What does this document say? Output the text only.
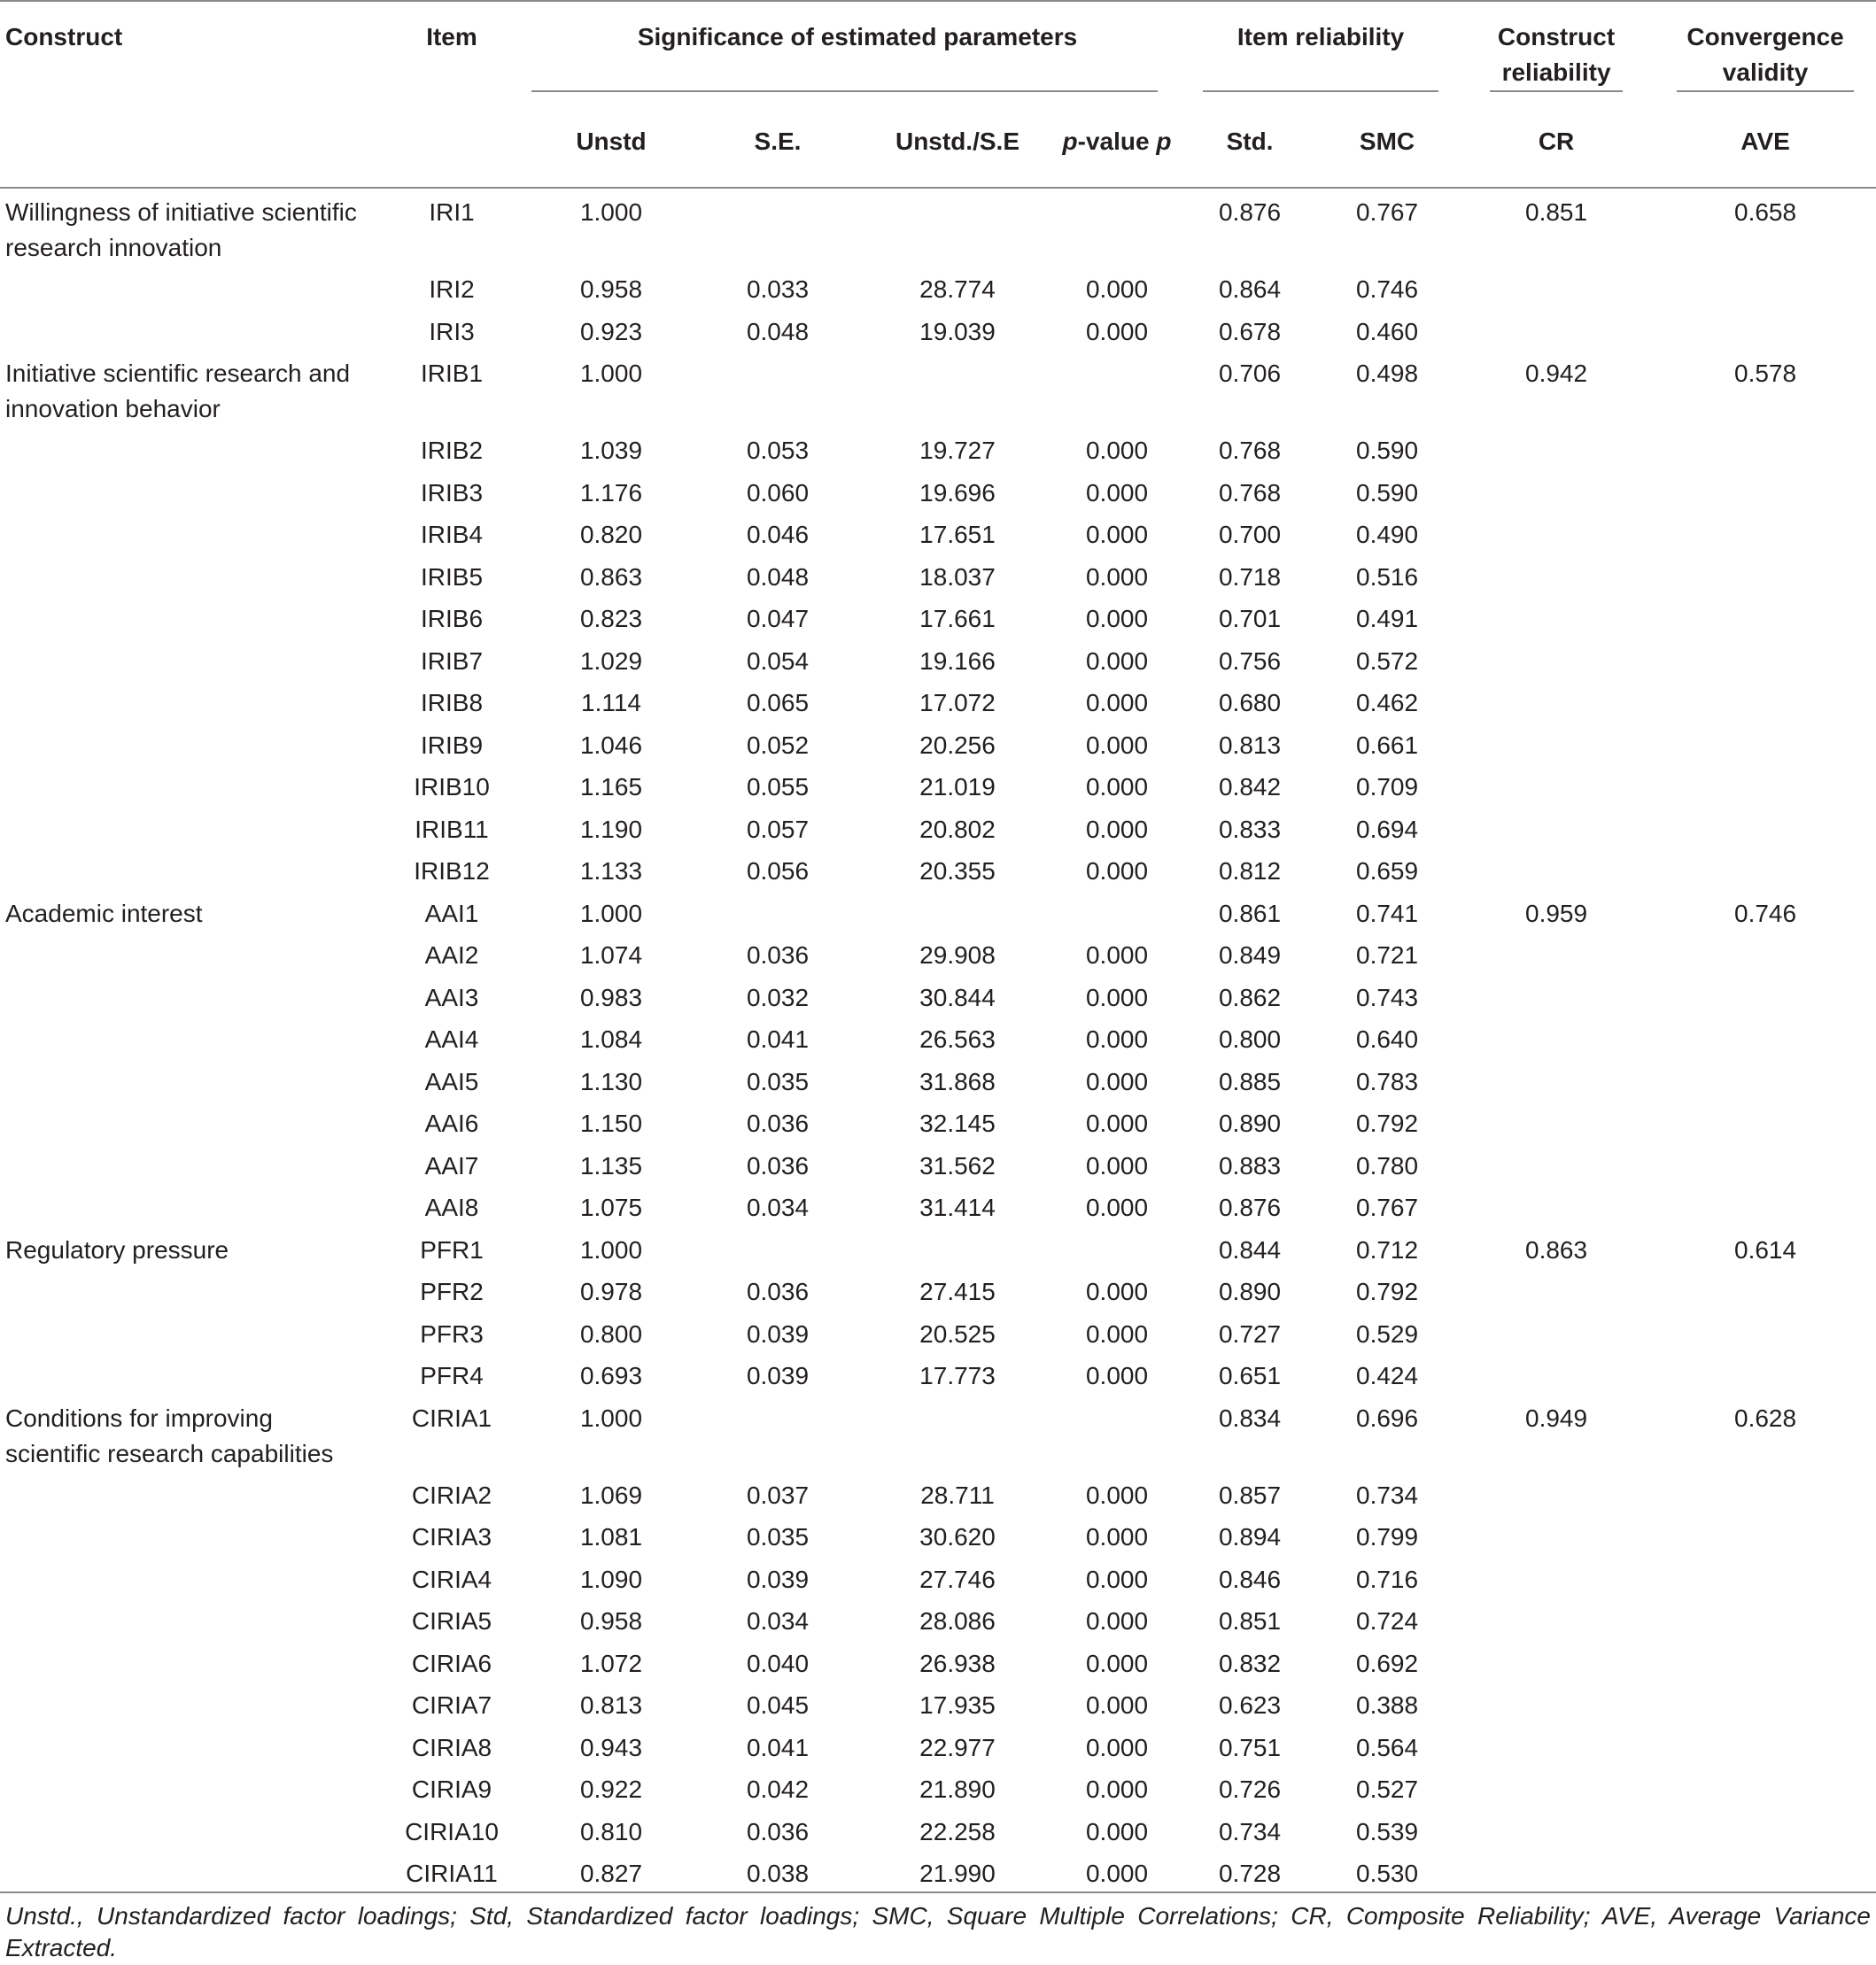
Construct	Item	Significance of estimated parameters				Item reliability		Construct reliability	Convergence validity

		Unstd	S.E.	Unstd./S.E	p-value p	Std.	SMC	CR	AVE
Willingness of initiative scientific research innovation	IRI1	1.000				0.876	0.767	0.851	0.658
	IRI2	0.958	0.033	28.774	0.000	0.864	0.746		
	IRI3	0.923	0.048	19.039	0.000	0.678	0.460		
Initiative scientific research and innovation behavior	IRIB1	1.000				0.706	0.498	0.942	0.578
	IRIB2	1.039	0.053	19.727	0.000	0.768	0.590		
	IRIB3	1.176	0.060	19.696	0.000	0.768	0.590		
	IRIB4	0.820	0.046	17.651	0.000	0.700	0.490		
	IRIB5	0.863	0.048	18.037	0.000	0.718	0.516		
	IRIB6	0.823	0.047	17.661	0.000	0.701	0.491		
	IRIB7	1.029	0.054	19.166	0.000	0.756	0.572		
	IRIB8	1.114	0.065	17.072	0.000	0.680	0.462		
	IRIB9	1.046	0.052	20.256	0.000	0.813	0.661		
	IRIB10	1.165	0.055	21.019	0.000	0.842	0.709		
	IRIB11	1.190	0.057	20.802	0.000	0.833	0.694		
	IRIB12	1.133	0.056	20.355	0.000	0.812	0.659		
Academic interest	AAI1	1.000				0.861	0.741	0.959	0.746
	AAI2	1.074	0.036	29.908	0.000	0.849	0.721		
	AAI3	0.983	0.032	30.844	0.000	0.862	0.743		
	AAI4	1.084	0.041	26.563	0.000	0.800	0.640		
	AAI5	1.130	0.035	31.868	0.000	0.885	0.783		
	AAI6	1.150	0.036	32.145	0.000	0.890	0.792		
	AAI7	1.135	0.036	31.562	0.000	0.883	0.780		
	AAI8	1.075	0.034	31.414	0.000	0.876	0.767		
Regulatory pressure	PFR1	1.000				0.844	0.712	0.863	0.614
	PFR2	0.978	0.036	27.415	0.000	0.890	0.792		
	PFR3	0.800	0.039	20.525	0.000	0.727	0.529		
	PFR4	0.693	0.039	17.773	0.000	0.651	0.424		
Conditions for improving scientific research capabilities	CIRIA1	1.000				0.834	0.696	0.949	0.628
	CIRIA2	1.069	0.037	28.711	0.000	0.857	0.734		
	CIRIA3	1.081	0.035	30.620	0.000	0.894	0.799		
	CIRIA4	1.090	0.039	27.746	0.000	0.846	0.716		
	CIRIA5	0.958	0.034	28.086	0.000	0.851	0.724		
	CIRIA6	1.072	0.040	26.938	0.000	0.832	0.692		
	CIRIA7	0.813	0.045	17.935	0.000	0.623	0.388		
	CIRIA8	0.943	0.041	22.977	0.000	0.751	0.564		
	CIRIA9	0.922	0.042	21.890	0.000	0.726	0.527		
	CIRIA10	0.810	0.036	22.258	0.000	0.734	0.539		
	CIRIA11	0.827	0.038	21.990	0.000	0.728	0.530		
Unstd., Unstandardized factor loadings; Std, Standardized factor loadings; SMC, Square Multiple Correlations; CR, Composite Reliability; AVE, Average Variance Extracted.
